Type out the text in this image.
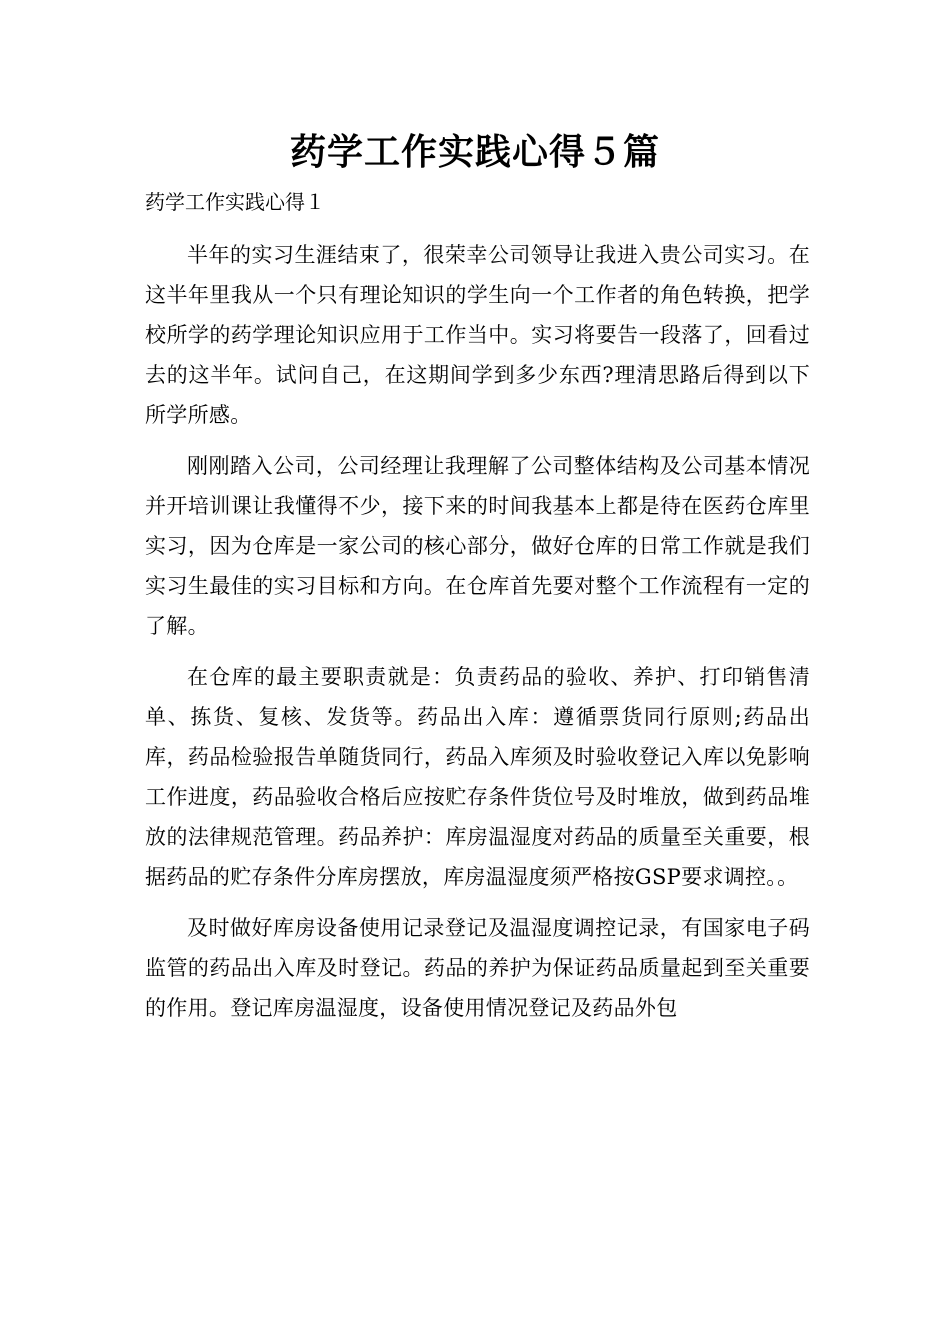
药学工作实践心得５篇

药学工作实践心得１

半年的实习生涯结束了，很荣幸公司领导让我进入贵公司实习。在这半年里我从一个只有理论知识的学生向一个工作者的角色转换，把学校所学的药学理论知识应用于工作当中。实习将要告一段落了，回看过去的这半年。试问自己，在这期间学到多少东西?理清思路后得到以下所学所感。

刚刚踏入公司，公司经理让我理解了公司整体结构及公司基本情况并开培训课让我懂得不少，接下来的时间我基本上都是待在医药仓库里实习，因为仓库是一家公司的核心部分，做好仓库的日常工作就是我们实习生最佳的实习目标和方向。在仓库首先要对整个工作流程有一定的了解。

在仓库的最主要职责就是：负责药品的验收、养护、打印销售清单、拣货、复核、发货等。药品出入库：遵循票货同行原则;药品出库，药品检验报告单随货同行，药品入库须及时验收登记入库以免影响工作进度，药品验收合格后应按贮存条件货位号及时堆放，做到药品堆放的法律规范管理。药品养护：库房温湿度对药品的质量至关重要，根据药品的贮存条件分库房摆放，库房温湿度须严格按GSP要求调控。。

及时做好库房设备使用记录登记及温湿度调控记录，有国家电子码监管的药品出入库及时登记。药品的养护为保证药品质量起到至关重要的作用。登记库房温湿度，设备使用情况登记及药品外包
